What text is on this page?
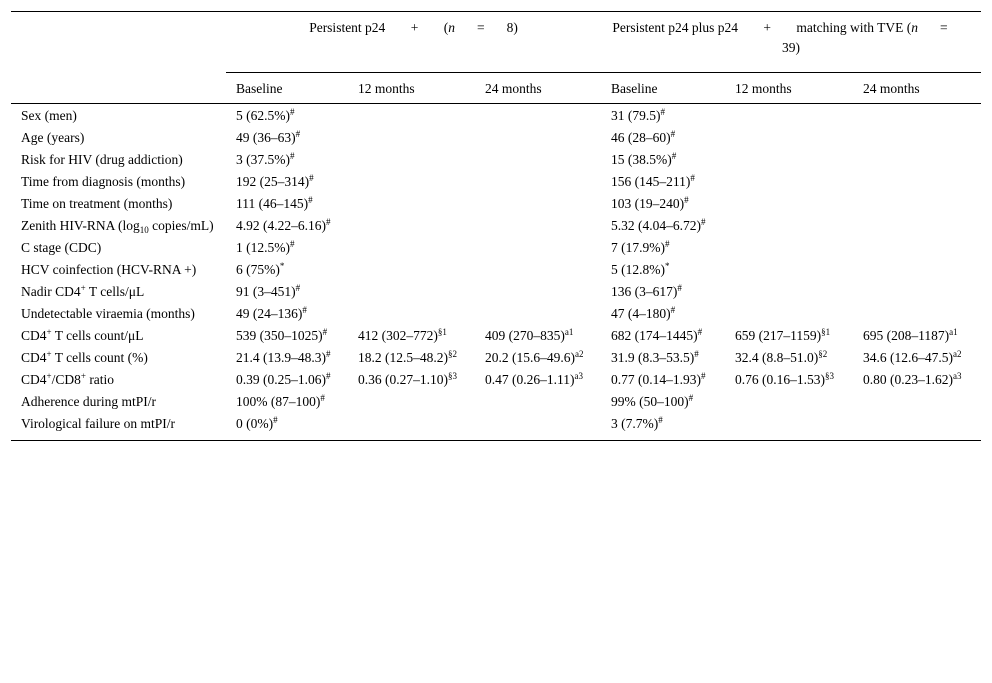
	Persistent p24 + (n = 8)			Persistent p24 plus p24 + matching with TVE (n =39)		
	Baseline	12 months	24 months	Baseline	12 months	24 months
Sex (men)	5 (62.5%)#			31 (79.5)#		
Age (years)	49 (36–63)#			46 (28–60)#		
Risk for HIV (drug addiction)	3 (37.5%)#			15 (38.5%)#		
Time from diagnosis (months)	192 (25–314)#			156 (145–211)#		
Time on treatment (months)	111 (46–145)#			103 (19–240)#		
Zenith HIV-RNA ($\log_{10}$ copies/mL)	4.92 (4.22–6.16)#			5.32 (4.04–6.72)#		
C stage (CDC)	1 (12.5%)#			7 (17.9%)#		
HCV coinfection (HCV-RNA +)	6 (75%)*			5 (12.8%)*		
Nadir CD4+ T cells/μL	91 (3–451)#			136 (3–617)#		
Undetectable viraemia (months)	49 (24–136)#			47 (4–180)#		
CD4+ T cells count/μL	539 (350–1025)#	412 $(302-772)^{\S 1}$	409 $(270-835)^{a1}$	682 (174–1445)#	659 $(217-1159)^{\S 1}$	695 $(208-1187)^{a1}$
CD4+ T cells count (%)	21.4 (13.9–48.3)#	18.2 $(12.5-48.2)^{\S 2}$	20.2 $(15.6-49.6)^{a2}$	31.9 (8.3–53.5)#	32.4 $(8.8-51.0)^{\S 2}$	34.6 $(12.6-47.5)^{a2}$
CD4+/CD8+ ratio	0.39 (0.25–1.06)#	0.36 $(0.27-1.10)^{\S 3}$	0.47 $(0.26-1.11)^{a3}$	0.77 (0.14–1.93)#	0.76 $(0.16-1.53)^{\S 3}$	0.80 $(0.23-1.62)^{a3}$
Adherence during mtPI/r	100% (87–100)#			99% (50–100)#		
Virological failure on mtPI/r	0 (0%)#			3 (7.7%)#		
